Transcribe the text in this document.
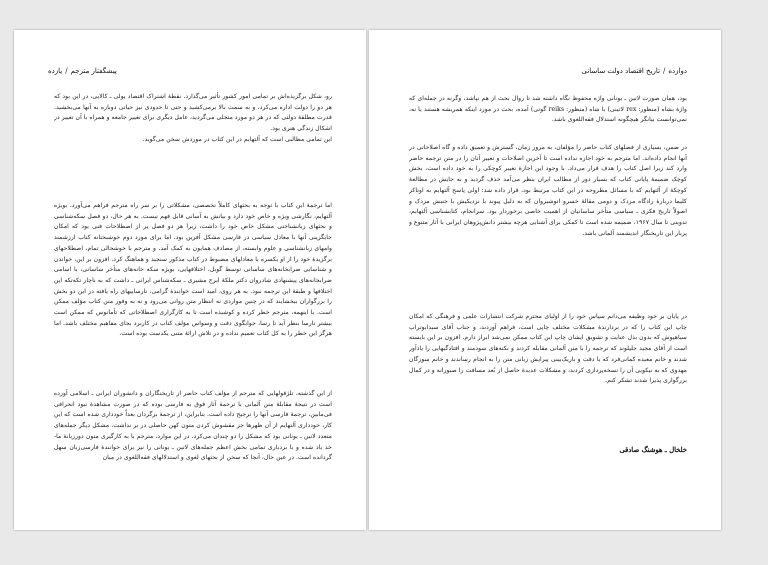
پیشگفتار مترجم
/
یازده
رو، شکل برگزیده‌اش بر تمامی امور کشور تأثیر می‌گذارد. نقطهٔ اشتراک اقتصاد پولی ـ کالایی، در این بود که هر دو را دولت اداره می‌کرد، و به سمت بالا برمی‌کشید و حتی تا حدودی نیز حیاتی دوباره به آنها می‌بخشید. قدرت مطلقهٔ دولتی که در هر دو مورد متجلی می‌گردید، عامل دیگری برای تغییر جامعه و همراه با آن تغییر در اشکال زندگی هنری بود.
این تمامی مطالبی است که آلتهایم در این کتاب در موردش سخن می‌گوید.
اما ترجمهٔ این کتاب با توجه به بحثهای کاملاً تخصصی، مشکلاتی را بر سر راه مترجم فراهم می‌آورد. بویژه آلتهایم، نگارشی ویژه و خاص خود دارد و بیانش به آسانی قابل فهم نیست. به هر حال، دو فصل سکه‌شناسی و بحثهای زبانشناختی مشکل خاص خود را داشت، زیرا هر دو فصل پر از اصطلاحات فنی بود که امکان جایگزینی آنها با معادل سیاسی در فارسی مشکل آفرین بود. اما برای مورد دوم خوشبختانه کتاب ارزشمند وامهای زبانشناسی و علوم وابسته، از مصادف همایون به کمک آمد. و مترجم با خوشحالی تمام، اصطلاحهای برگزیدهٔ خود را از او یکسره با معادلهای مضبوط در کتاب مذکور سنجید و هماهنگ کرد. افزون بر این، خواندن و شناسایی ضرابخانه‌های ساسانی توسط گوبل، اختلافهایی، بویژه سکه خانه‌های متأخر ساسانی، با اسامی ضرابخانه‌های پیشنهادی شادروان دکتر ملکهٔ ایرج مشیری ـ سکه‌شناس ایرانی ـ داشت که به ناچار تکه‌تکه این اختلافها و طبقهٔ این ترجمه نبود. به هر روی، امید است خوانندهٔ گرامی، نارساییهای راه یافته در این دو بخش را بزرگواران ببخشایند که در چنین مواردی نه انتظار متن روانی می‌رود و نه به وفور متن کتاب مؤلف ممکن است. با اینهمه، مترجم خطر کرده و کوشیده است تا به کارگزاری اصطلاحاتی که تأمانوس که ممکن است بیشتر نارسا بنظر آید تا رسا، جوابگوی دقت و وسواس مؤلف کتاب در کاربرد بجای مفاهیم مختلف باشد. اما هرگز این خطر را به کل کتاب تعمیم نداده و در تلاش ارائهٔ متنی یکدست بوده است.
از این گذشته، تلژقولهایی که مترجم از مؤلف کتاب حاضر از تاریخنگاران و دانشوران ایرانی ـ اسلامی آورده است در نتیجهٔ مقابلهٔ متن آلمانی با ترجمهٔ آثار فوق به فارسی بوده که در صورت مشاهدهٔ نبود انحرافی فی‌مابین، ترجمهٔ فارسی آنها را ترجیح داده است. بنابراین، از ترجمهٔ برگردان بعداً خودداری شده است که این کار، خودداری آلتهایم از آن ظهرها جز مقشوش کردن متون کهن حاصلی در بر نداشت. مشکل دیگر جمله‌های متعدد لاتین ـ یونانی بود که مشکل را دو چندان می‌کرد. در این موارد، مترجم با به کارگیری متون دورزبانهٔ ما-خذ یاد شده و با بردباری تمامی بخش اعظم جمله‌های لاتین ـ یونانی را نیز برای خوانندهٔ فارسی‌زبان سهل گردانده است. در عین حال، آنجا که سخن از بحثهای لغوی و استدلالهای فقه‌اللغوی در میان
دوازده
/
تاریخ اقتصاد دولت ساسانی
بود، همان صورت لاتین ـ یونانی واژه محفوظ نگاه داشته شد تا روال بحث از هم نپاشد، وگرنه در جمله‌ای که واژهٔ بشاه (منظور: rex لاتینی) با شاه (منظور: reiks گوتی) آمده، بحث در مورد اینکه همریشه هستند یا نه، نمی‌توانست بیانگر هیچگونه استدلال فقه‌اللغوی باشد.
در ضمن، بسیاری از فصلهای کتاب حاضر را مؤلفان، به مرور زمان، گسترش و تعمیق داده و گاه اصلاحاتی در آنها انجام داده‌اند. اما مترجم به خود اجازه نداده است تا آخرین اصلاحات و تغییر آنان را در متن ترجمه حاضر وارد کند زیرا اصل کتاب را هدف قرار می‌داد. با وجود این اجازهٔ تغییر کوچکی را به خود داده است، بخش کوچک ضمیمهٔ پایانی کتاب که بسیار دور از مطالب ایران بنظر می‌آمد حذف گردید و به جایش در مطالعهٔ کوچکهٔ از آلتهایم که با مسائل مطروحه در این کتاب مرتبط بود، قرار داده شد: اولی پاسخ آلتهایم به اوتاکر کلیما دربارهٔ زادگاه مزدک و دومی مقالهٔ خسرو انوشیروان که به دلیل پیوند با نزدیکیش با جنبش مزدک و اصولاً تاریخ فکری ـ سیاسی متأخر ساسانیان از اهمیت خاصی برخوردار بود. سرانجام، کتابشناسی آلتهایم، تدوینی تا سال ۱۹۶۷، ضمیمه شده است تا کمکی برای آشنایی هرچه بیشتر دانش‌پژوهان ایرانی با آثار متنوع و پربار این تاریخنگار اندیشمند آلمانی باشد.
در پایان بر خود وظیفه می‌دانم سپاس خود را از اولیای محترم شرکت انتشارات علمی و فرهنگی که امکان چاپ این کتاب را که در بردارندهٔ مشکلات مختلف چاپی است، فراهم آوردند، و جناب آقای سیدابوتراب سیاهپوش که بدون بذل عنایت و تشویق ایشان چاپ این کتاب ممکن نمی‌شد ابراز دارم. افزون بر این بایسته است از آقای مجید جلیلوند که ترجمه را با متن آلمانی مقابله کردند و نکته‌های سودمند و افتادگیهایی را یادآور شدند و خانم معیده کمانی‌فرد که با دقت و باریک‌بینی پیرایش زبانی متن را به انجام رساندند و خانم سوزگان مهدوی که به نیکویی آن را نسخه‌پردازی کردند، و مشکلات عدیدهٔ حاصل از بُعد مسافت را صبورانه و در کمال بزرگواری پذیرا شدند تشکر کنم.
خلخال ـ هوشنگ صادقی
